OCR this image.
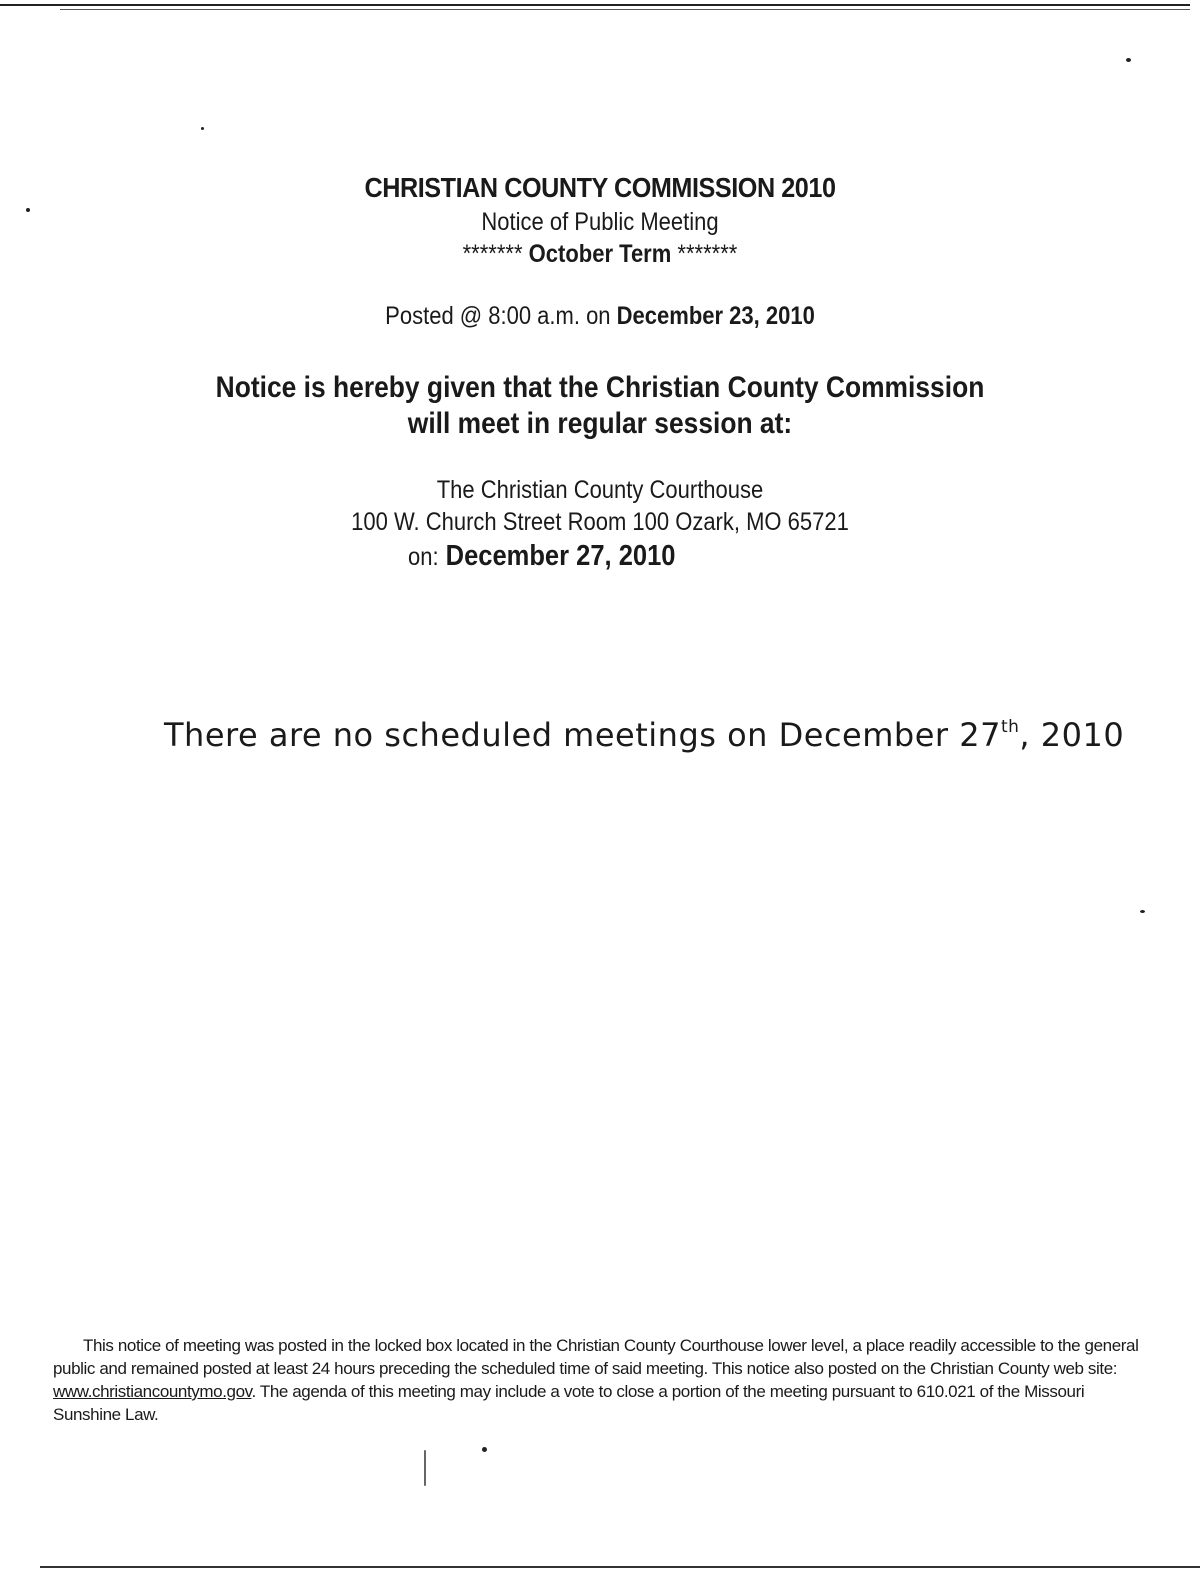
CHRISTIAN COUNTY COMMISSION 2010
Notice of Public Meeting
******* October Term *******
Posted @ 8:00 a.m. on December 23, 2010
Notice is hereby given that the Christian County Commission
will meet in regular session at:
The Christian County Courthouse
100 W. Church Street Room 100 Ozark, MO 65721
on: December 27, 2010
There are no scheduled meetings on December 27th, 2010
This notice of meeting was posted in the locked box located in the Christian County Courthouse lower level, a place readily accessible to the general public and remained posted at least 24 hours preceding the scheduled time of said meeting. This notice also posted on the Christian County web site: www.christiancountymo.gov. The agenda of this meeting may include a vote to close a portion of the meeting pursuant to 610.021 of the Missouri Sunshine Law.
